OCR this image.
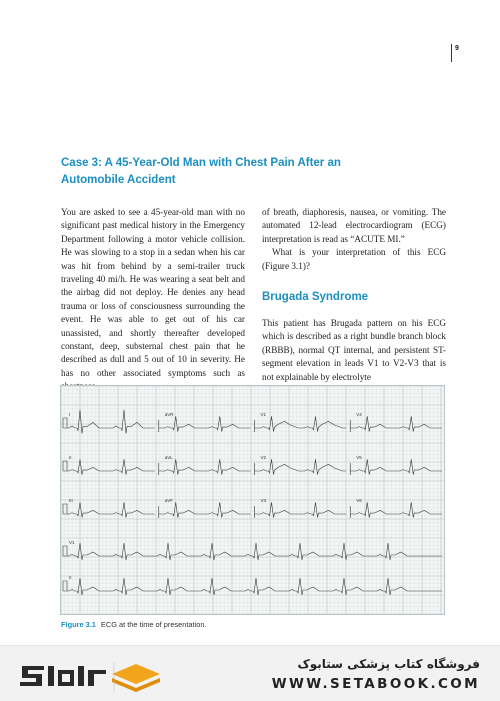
9
Case 3: A 45-Year-Old Man with Chest Pain After an Automobile Accident

You are asked to see a 45-year-old man with no significant past medical history in the Emergency Department following a motor vehicle collision. He was slowing to a stop in a sedan when his car was hit from behind by a semi-trailer truck traveling 40 mi/h. He was wearing a seat belt and the airbag did not deploy. He denies any head trauma or loss of consciousness surrounding the event. He was able to get out of his car unassisted, and shortly thereafter developed constant, deep, substernal chest pain that he described as dull and 5 out of 10 in severity. He has no other associated symptoms such as

of breath, diaphoresis, nausea, or vomiting. The automated 12-lead electrocardiogram (ECG) interpretation is read as “ACUTE MI.”

What is your interpretation of this ECG (Figure 3.1)?

Brugada Syndrome

This patient has Brugada pattern on his ECG which is described as a right bundle branch block (RBBB), normal QT internal, and persistent ST-segment elevation in leads V1 to V2-V3 that is not explainable by electrolyte

I	aVR	V1	V4
II	aVL	V2	V5
III	aVF	V3	V6
V1
II
Figure 3.1 ECG at the time of presentation.
فروشگاه کتاب پزشکی ستابوک
WWW.SETABOOK.COM
